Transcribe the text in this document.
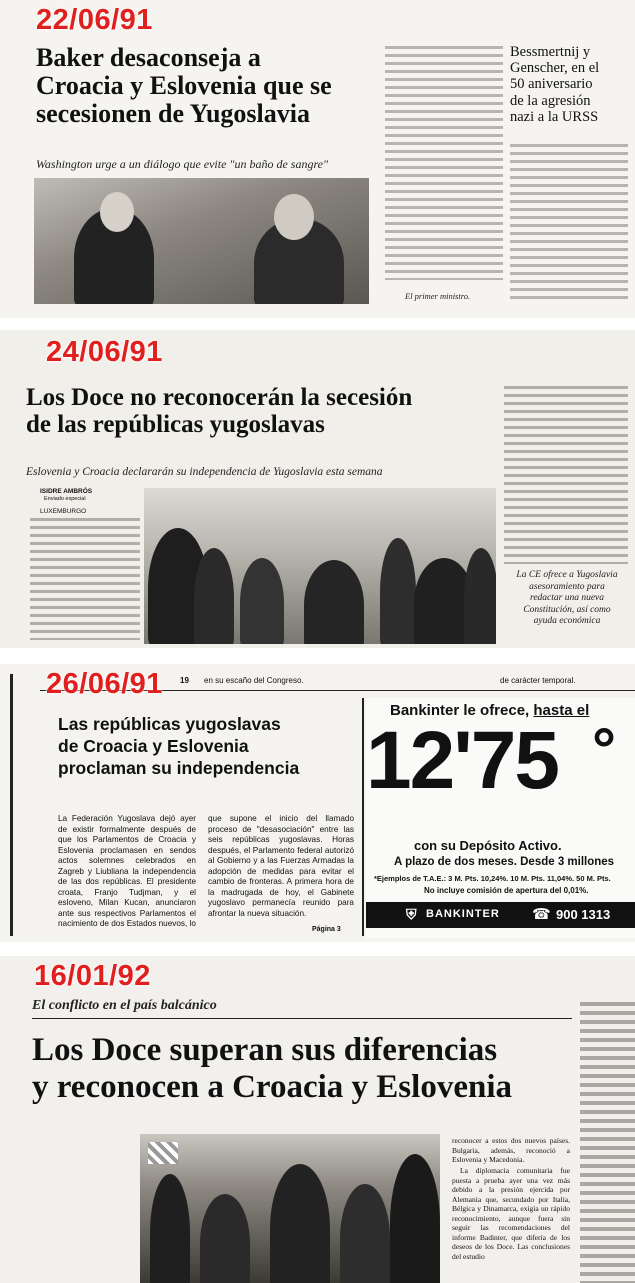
22/06/91
Baker desaconseja a
Croacia y Eslovenia que se
secesionen de Yugoslavia
Washington urge a un diálogo que evite "un baño de sangre"
El primer ministro.
Bessmertnij y
Genscher, en el
50 aniversario
de la agresión
nazi a la URSS
24/06/91
Los Doce no reconocerán la secesión
de las repúblicas yugoslavas
Eslovenia y Croacia declararán su independencia de Yugoslavia esta semana
ISIDRE AMBRÓS
Enviado especial
LUXEMBURGO
La CE ofrece a Yugoslavia
asesoramiento para
redactar una nueva
Constitución, así como
ayuda económica
26/06/91 19 en su escaño del Congreso.	de carácter temporal.
Las repúblicas yugoslavas
de Croacia y Eslovenia
proclaman su independencia
La Federación Yugoslava dejó ayer de existir formalmente después de que los Parlamentos de Croacia y Eslovenia proclamasen en sendos actos solemnes celebrados en Zagreb y Liubliana la independencia de las dos repúblicas. El presidente croata, Franjo Tudjman, y el esloveno, Milan Kucan, anunciaron ante sus respectivos Parlamentos el nacimiento de dos Estados nuevos, lo
que supone el inicio del llamado proceso de "desasociación" entre las seis repúblicas yugoslavas. Horas después, el Parlamento federal autorizó al Gobierno y a las Fuerzas Armadas la adopción de medidas para evitar el cambio de fronteras. A primera hora de la madrugada de hoy, el Gabinete yugoslavo permanecía reunido para afrontar la nueva situación.
Página 3
Bankinter le ofrece, hasta el
12'75 °
con su Depósito Activo.
A plazo de dos meses. Desde 3 millones
*Ejemplos de T.A.E.: 3 M. Pts. 10,24%. 10 M. Pts. 11,04%. 50 M. Pts.
No incluye comisión de apertura del 0,01%.
⛨ BANKINTER ☎ 900 1313
16/01/92
El conflicto en el país balcánico
Los Doce superan sus diferencias
y reconocen a Croacia y Eslovenia
reconocer a estos dos nuevos países. Bulgaria, además, reconoció a Eslovenia y Macedonia.
La diplomacia comunitaria fue puesta a prueba ayer una vez más debido a la presión ejercida por Alemania que, secundado por Italia, Bélgica y Dinamarca, exigía un rápido reconocimiento, aunque fuera sin seguir las recomendaciones del informe Badinter, que difería de los deseos de los Doce. Las conclusiones del estudio
